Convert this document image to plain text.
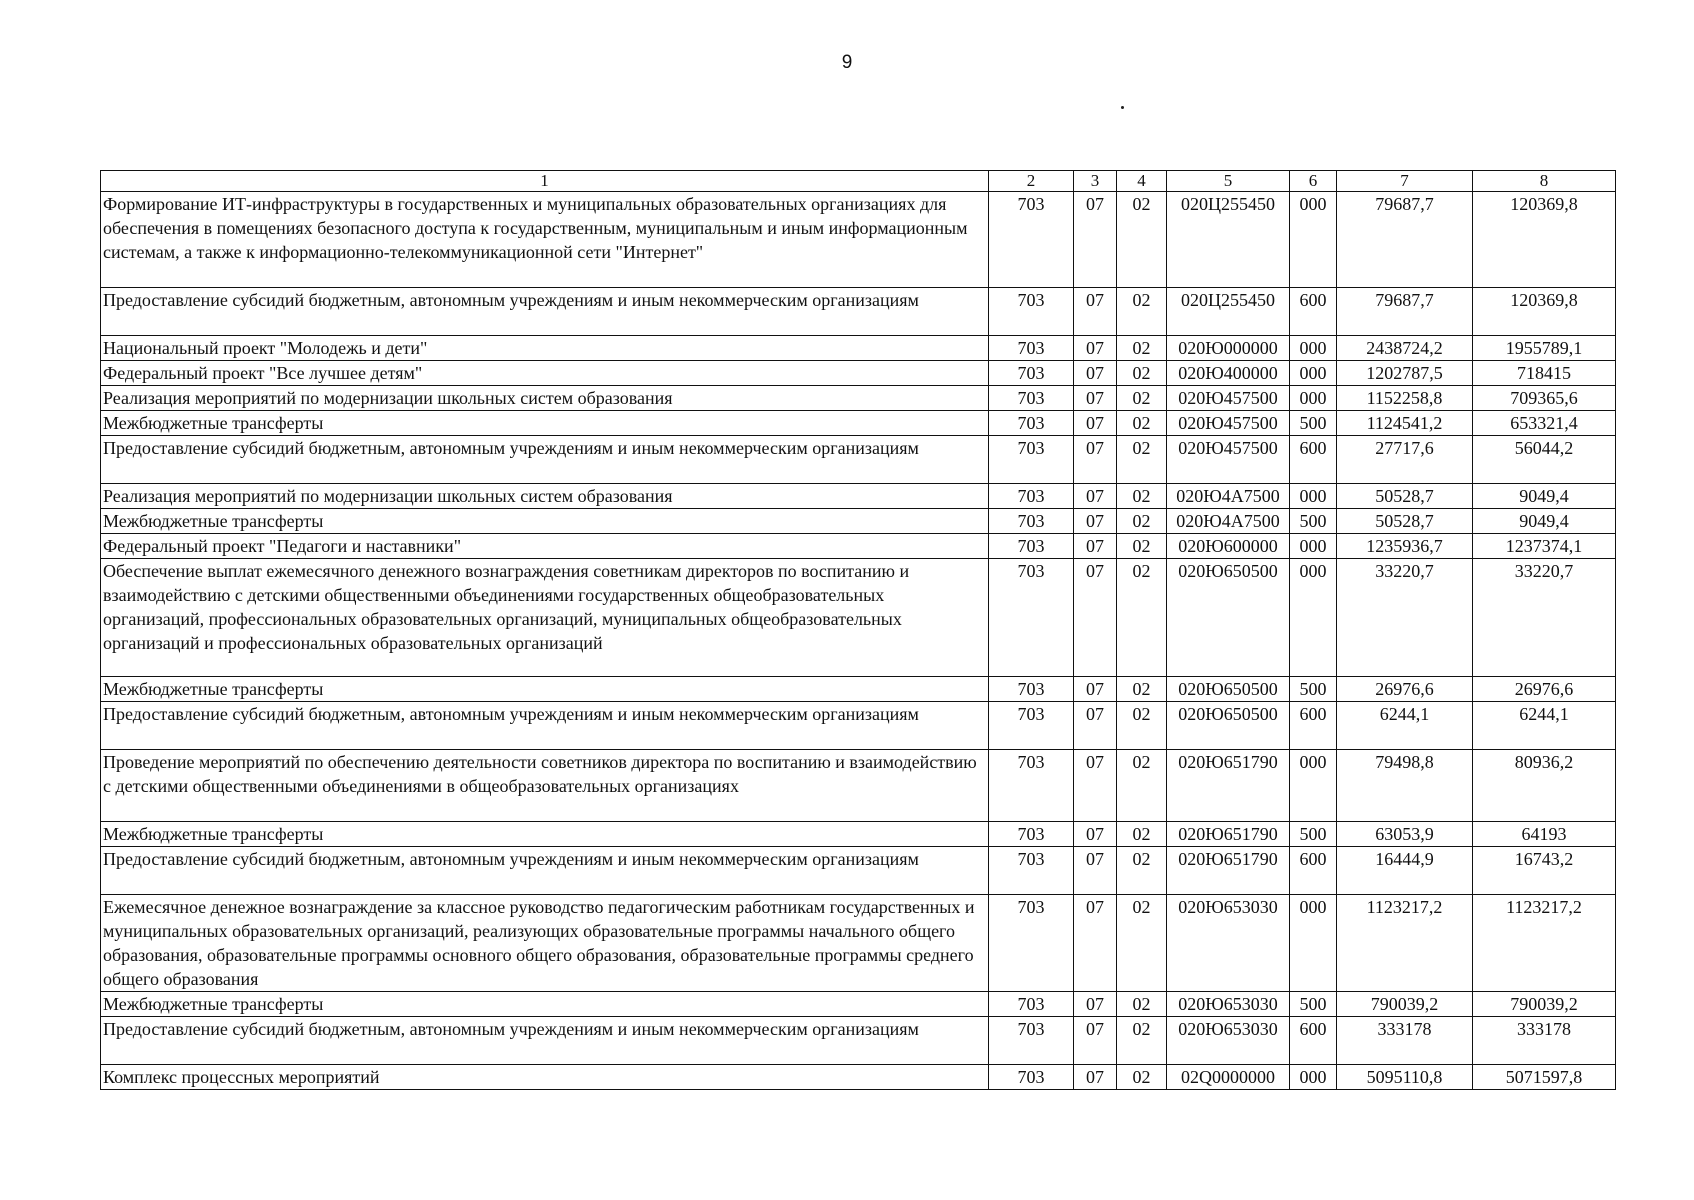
9
1	2	3	4	5	6	7	8
Формирование ИТ-инфраструктуры в государственных и муниципальных образовательных организациях для обеспечения в помещениях безопасного доступа к государственным, муниципальным и иным информационным системам, а также к информационно-телекоммуникационной сети "Интернет"	703	07	02	020Ц255450	000	79687,7	120369,8
Предоставление субсидий бюджетным, автономным учреждениям и иным некоммерческим организациям	703	07	02	020Ц255450	600	79687,7	120369,8
Национальный проект "Молодежь и дети"	703	07	02	020Ю000000	000	2438724,2	1955789,1
Федеральный проект "Все лучшее детям"	703	07	02	020Ю400000	000	1202787,5	718415
Реализация мероприятий по модернизации школьных систем образования	703	07	02	020Ю457500	000	1152258,8	709365,6
Межбюджетные трансферты	703	07	02	020Ю457500	500	1124541,2	653321,4
Предоставление субсидий бюджетным, автономным учреждениям и иным некоммерческим организациям	703	07	02	020Ю457500	600	27717,6	56044,2
Реализация мероприятий по модернизации школьных систем образования	703	07	02	020Ю4А7500	000	50528,7	9049,4
Межбюджетные трансферты	703	07	02	020Ю4А7500	500	50528,7	9049,4
Федеральный проект "Педагоги и наставники"	703	07	02	020Ю600000	000	1235936,7	1237374,1
Обеспечение выплат ежемесячного денежного вознаграждения советникам директоров по воспитанию и взаимодействию с детскими общественными объединениями государственных общеобразовательных организаций, профессиональных образовательных организаций, муниципальных общеобразовательных организаций и профессиональных образовательных организаций	703	07	02	020Ю650500	000	33220,7	33220,7
Межбюджетные трансферты	703	07	02	020Ю650500	500	26976,6	26976,6
Предоставление субсидий бюджетным, автономным учреждениям и иным некоммерческим организациям	703	07	02	020Ю650500	600	6244,1	6244,1
Проведение мероприятий по обеспечению деятельности советников директора по воспитанию и взаимодействию с детскими общественными объединениями в общеобразовательных организациях	703	07	02	020Ю651790	000	79498,8	80936,2
Межбюджетные трансферты	703	07	02	020Ю651790	500	63053,9	64193
Предоставление субсидий бюджетным, автономным учреждениям и иным некоммерческим организациям	703	07	02	020Ю651790	600	16444,9	16743,2
Ежемесячное денежное вознаграждение за классное руководство педагогическим работникам государственных и муниципальных образовательных организаций, реализующих образовательные программы начального общего образования, образовательные программы основного общего образования, образовательные программы среднего общего образования	703	07	02	020Ю653030	000	1123217,2	1123217,2
Межбюджетные трансферты	703	07	02	020Ю653030	500	790039,2	790039,2
Предоставление субсидий бюджетным, автономным учреждениям и иным некоммерческим организациям	703	07	02	020Ю653030	600	333178	333178
Комплекс процессных мероприятий	703	07	02	02Q0000000	000	5095110,8	5071597,8
